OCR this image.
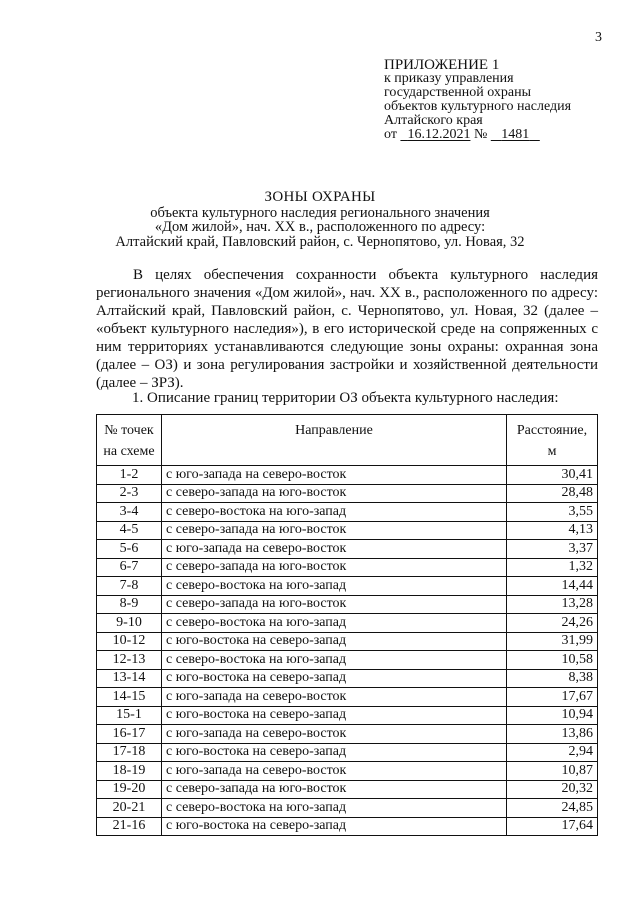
3
ПРИЛОЖЕНИЕ 1
к приказу управления
государственной охраны
объектов культурного наследия
Алтайского края
от 16.12.2021 № 1481
ЗОНЫ ОХРАНЫ
объекта культурного наследия регионального значения
«Дом жилой», нач. XX в., расположенного по адресу:
Алтайский край, Павловский район, с. Чернопятово, ул. Новая, 32

В целях обеспечения сохранности объекта культурного наследия регионального значения «Дом жилой», нач. XX в., расположенного по адресу: Алтайский край, Павловский район, с. Чернопятово, ул. Новая, 32 (далее – «объект культурного наследия»), в его исторической среде на сопряженных с ним территориях устанавливаются следующие зоны охраны: охранная зона (далее – ОЗ) и зона регулирования застройки и хозяйственной деятельности (далее – ЗРЗ).

1. Описание границ территории ОЗ объекта культурного наследия:
№ точек
на схеме	Направление	Расстояние,
м
1-2	с юго-запада на северо-восток	30,41
2-3	с северо-запада на юго-восток	28,48
3-4	с северо-востока на юго-запад	3,55
4-5	с северо-запада на юго-восток	4,13
5-6	с юго-запада на северо-восток	3,37
6-7	с северо-запада на юго-восток	1,32
7-8	с северо-востока на юго-запад	14,44
8-9	с северо-запада на юго-восток	13,28
9-10	с северо-востока на юго-запад	24,26
10-12	с юго-востока на северо-запад	31,99
12-13	с северо-востока на юго-запад	10,58
13-14	с юго-востока на северо-запад	8,38
14-15	с юго-запада на северо-восток	17,67
15-1	с юго-востока на северо-запад	10,94
16-17	с юго-запада на северо-восток	13,86
17-18	с юго-востока на северо-запад	2,94
18-19	с юго-запада на северо-восток	10,87
19-20	с северо-запада на юго-восток	20,32
20-21	с северо-востока на юго-запад	24,85
21-16	с юго-востока на северо-запад	17,64
